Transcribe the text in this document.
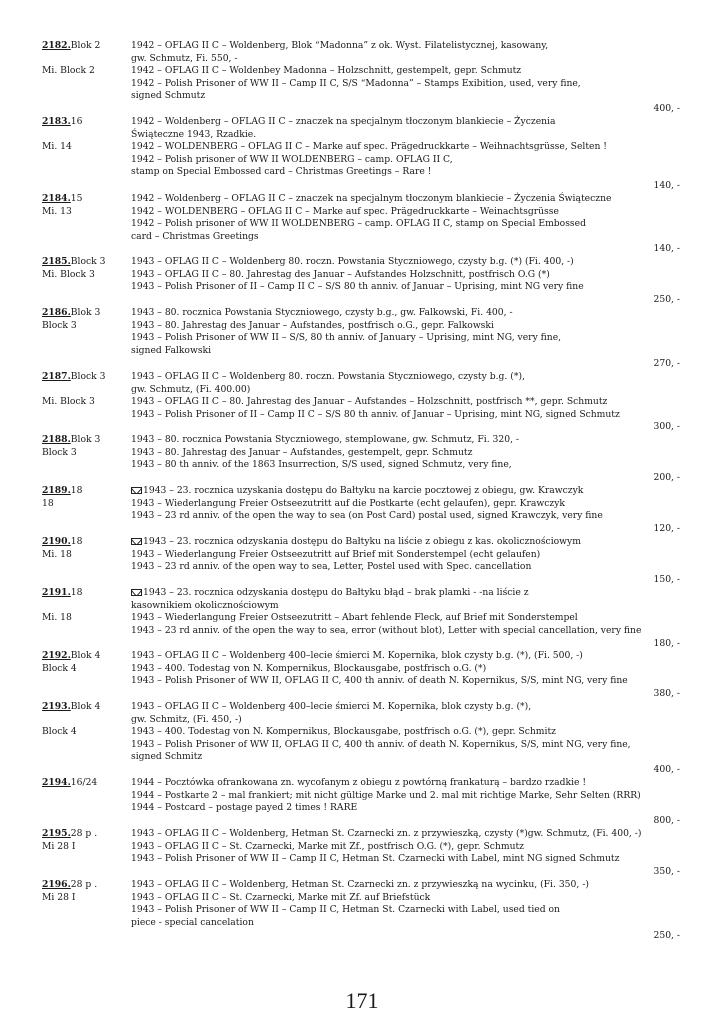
2182.Blok 2
Mi. Block 2
1942 – OFLAG II C – Woldenberg, Blok “Madonna” z ok. Wyst. Filatelistycznej, kasowany,
gw. Schmutz, Fi. 550, -
1942 – OFLAG II C – Woldenbey Madonna – Holzschnitt, gestempelt, gepr. Schmutz
1942 – Polish Prisoner of WW II – Camp II C, S/S “Madonna” – Stamps Exibition, used, very fine,
signed Schmutz
400, -
2183.16
Mi. 14
1942 – Woldenberg – OFLAG II C – znaczek na specjalnym tłoczonym blankiecie – Życzenia
Świąteczne 1943, Rzadkie.
1942 – WOLDENBERG – OFLAG II C – Marke auf spec. Prägedruckkarte – Weihnachtsgrüsse, Selten !
1942 – Polish prisoner of WW II WOLDENBERG – camp. OFLAG II C,
stamp on Special Embossed card – Christmas Greetings – Rare !
140, -
2184.15
Mi. 13
1942 – Woldenberg – OFLAG II C – znaczek na specjalnym tłoczonym blankiecie – Życzenia Świąteczne
1942 – WOLDENBERG – OFLAG II C – Marke auf spec. Prägedruckkarte – Weinachtsgrüsse
1942 – Polish prisoner of WW II WOLDENBERG – camp. OFLAG II C, stamp on Special Embossed
card – Christmas Greetings
140, -
2185.Block 3
Mi. Block 3
1943 – OFLAG II C – Woldenberg 80. roczn. Powstania Styczniowego, czysty b.g. (*) (Fi. 400, -)
1943 – OFLAG II C – 80. Jahrestag des Januar – Aufstandes Holzschnitt, postfrisch O.G (*)
1943 – Polish Prisoner of II – Camp II C – S/S 80 th anniv. of Januar – Uprising, mint NG very fine
250, -
2186.Blok 3
Block 3
1943 – 80. rocznica Powstania Styczniowego, czysty b.g., gw. Falkowski, Fi. 400, -
1943 – 80. Jahrestag des Januar – Aufstandes, postfrisch o.G., gepr. Falkowski
1943 – Polish Prisoner of WW II – S/S, 80 th anniv. of January – Uprising, mint NG, very fine,
signed Falkowski
270, -
2187.Block 3
Mi. Block 3
1943 – OFLAG II C – Woldenberg 80. roczn. Powstania Styczniowego, czysty b.g. (*),
gw. Schmutz, (Fi. 400.00)
1943 – OFLAG II C – 80. Jahrestag des Januar – Aufstandes – Holzschnitt, postfrisch **, gepr. Schmutz
1943 – Polish Prisoner of II – Camp II C – S/S 80 th anniv. of Januar – Uprising, mint NG, signed Schmutz
300, -
2188.Blok 3
Block 3
1943 – 80. rocznica Powstania Styczniowego, stemplowane, gw. Schmutz, Fi. 320, -
1943 – 80. Jahrestag des Januar – Aufstandes, gestempelt, gepr. Schmutz
1943 – 80 th anniv. of the 1863 Insurrection, S/S used, signed Schmutz, very fine,
200, -
2189.18
18
1943 – 23. rocznica uzyskania dostępu do Bałtyku na karcie pocztowej z obiegu, gw. Krawczyk
1943 – Wiederlangung Freier Ostseezutritt auf die Postkarte (echt gelaufen), gepr. Krawczyk
1943 – 23 rd anniv. of the open the way to sea (on Post Card) postal used, signed Krawczyk, very fine
120, -
2190.18
Mi. 18
1943 – 23. rocznica odzyskania dostępu do Bałtyku na liście z obiegu z kas. okolicznościowym
1943 – Wiederlangung Freier Ostseezutritt auf Brief mit Sonderstempel (echt gelaufen)
1943 – 23 rd anniv. of the open way to sea, Letter, Postel used with Spec. cancellation
150, -
2191.18
Mi. 18
1943 – 23. rocznica odzyskania dostępu do Bałtyku błąd – brak plamki - -na liście z
kasownikiem okolicznościowym
1943 – Wiederlangung Freier Ostseezutritt – Abart fehlende Fleck, auf Brief mit Sonderstempel
1943 – 23 rd anniv. of the open the way to sea, error (without blot), Letter with special cancellation, very fine
180, -
2192.Blok 4
Block 4
1943 – OFLAG II C – Woldenberg 400–lecie śmierci M. Kopernika, blok czysty b.g. (*), (Fi. 500, -)
1943 – 400. Todestag von N. Kompernikus, Blockausgabe, postfrisch o.G. (*)
1943 – Polish Prisoner of WW II, OFLAG II C, 400 th anniv. of death N. Kopernikus, S/S, mint NG, very fine
380, -
2193.Blok 4
Block 4
1943 – OFLAG II C – Woldenberg 400–lecie śmierci M. Kopernika, blok czysty b.g. (*),
gw. Schmitz, (Fi. 450, -)
1943 – 400. Todestag von N. Kompernikus, Blockausgabe, postfrisch o.G. (*), gepr. Schmitz
1943 – Polish Prisoner of WW II, OFLAG II C, 400 th anniv. of death N. Kopernikus, S/S, mint NG, very fine,
signed Schmitz
400, -
2194.16/24	1944 – Pocztówka ofrankowana zn. wycofanym z obiegu z powtórną frankaturą – bardzo rzadkie !
1944 – Postkarte 2 – mal frankiert; mit nicht gültige Marke und 2. mal mit richtige Marke, Sehr Selten (RRR)
1944 – Postcard – postage payed 2 times ! RARE
800, -
2195.28 p .
Mi 28 I
1943 – OFLAG II C – Woldenberg, Hetman St. Czarnecki zn. z przywieszką, czysty (*)gw. Schmutz, (Fi. 400, -)
1943 – OFLAG II C – St. Czarnecki, Marke mit Zf., postfrisch O.G. (*), gepr. Schmutz
1943 – Polish Prisoner of WW II – Camp II C, Hetman St. Czarnecki with Label, mint NG signed Schmutz
350, -
2196.28 p .
Mi 28 I
1943 – OFLAG II C – Woldenberg, Hetman St. Czarnecki zn. z przywieszką na wycinku, (Fi. 350, -)
1943 – OFLAG II C – St. Czarnecki, Marke mit Zf. auf Briefstück
1943 – Polish Prisoner of WW II – Camp II C, Hetman St. Czarnecki with Label, used tied on
piece - special cancelation
250, -
171
